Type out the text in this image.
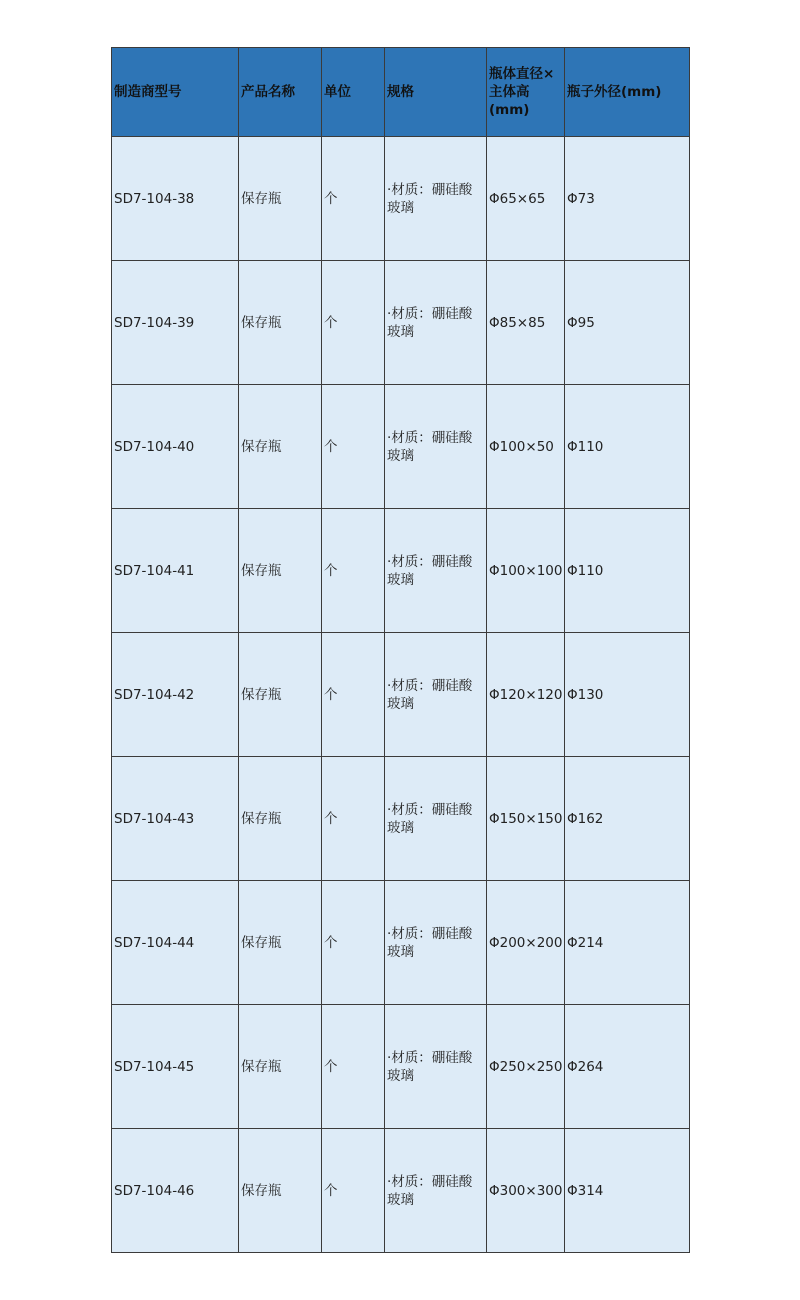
制造商型号	产品名称	单位	规格	瓶体直径×主体高(mm)	瓶子外径(mm)
SD7-104-38	保存瓶	个	·材质：硼硅酸玻璃	Φ65×65	Φ73
SD7-104-39	保存瓶	个	·材质：硼硅酸玻璃	Φ85×85	Φ95
SD7-104-40	保存瓶	个	·材质：硼硅酸玻璃	Φ100×50	Φ110
SD7-104-41	保存瓶	个	·材质：硼硅酸玻璃	Φ100×100	Φ110
SD7-104-42	保存瓶	个	·材质：硼硅酸玻璃	Φ120×120	Φ130
SD7-104-43	保存瓶	个	·材质：硼硅酸玻璃	Φ150×150	Φ162
SD7-104-44	保存瓶	个	·材质：硼硅酸玻璃	Φ200×200	Φ214
SD7-104-45	保存瓶	个	·材质：硼硅酸玻璃	Φ250×250	Φ264
SD7-104-46	保存瓶	个	·材质：硼硅酸玻璃	Φ300×300	Φ314
